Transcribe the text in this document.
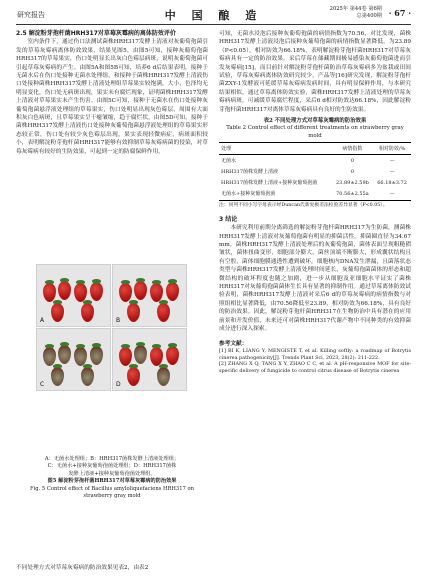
研究报告	中 国 酿 造	2025年 第44卷 第6期
总第400期 · 67 ·
2.5 解淀粉芽孢杆菌HRH317对草莓灰霉病的离体防效评价

室内条件下，通过伤口法测试菌株HRH317发酵上清液对灰葡萄孢菌引发的草莓灰霉病离体防效效果，结果见图5，由图5可知，接种灰葡萄孢菌HRH317的草莓果实，伤口处明显长出灰白色霉层病斑，说明灰葡萄孢菌可引起草莓灰霉病的产生。由图5A和图5B可知，培养6 d后结果表明，接种于无菌水后在伤口处接种无菌水处理组，和接种于菌株HRH317发酵上清液伤口处接种菌株HRH317发酵上清液处理组草莓果实较饱满，大小、色泽均无明显变化，伤口处无病斑出现，果实未有腐烂现象，证明菌株HRH317发酵上清液对草莓果实未产生伤害。由图5C可知，接种于无菌水在伤口处接种灰葡萄孢菌悬浮液处理组的草莓果实，伤口处明显出现灰色霉层，周围有大面积灰白色病斑，且草莓果实呈干瘪皱缩，趋于腐烂状，由图5D可知，接种于菌株HRH317发酵上清液伤口处接种灰葡萄孢菌悬浮液处理组的草莓果实形态较正常，伤口处有较少灰色霉层出现，果实表现轻微病症，病斑面积较小，表明解淀粉芽孢杆菌HRH317能够有效抑制草莓灰霉病菌的侵染，对草莓灰霉病有较好的生防效果，可起到一定的防腐保鲜作用。

A	B
C	D
A：无菌水处理组；B：HRH317菌株发酵上清液处理组；
C：无菌水+接种灰葡萄孢菌处理组；D：HRH317菌株
发酵上清液+接种灰葡萄孢菌处理组。
图5 解淀粉芽孢杆菌HRH317对草莓灰霉病的防治效果
Fig. 5 Control effect of Bacillus amyloliquefaciens HRH317 on strawberry gray mold
不同处理方式对草莓灰霉病的防治效果见表2，由表2

可知，无菌水浸泡后接种灰葡萄孢菌的病情指数为70.56，对比发现，菌株HRH317发酵上清液浸泡后接种灰葡萄孢菌的病情指数显著降低，为23.89（P<0.05），相对防效为66.18%，表明解淀粉芽孢杆菌HRH317对草莓灰霉病具有一定的防治效果。采后草莓在储藏期间极易感染灰葡萄孢菌进而引发灰霉病[15]，而目前针对解淀粉芽孢杆菌防治草莓灰霉病多为盆栽或田间试验，草莓灰霉病离体防效研究较少，产品等[16]研究发现，解淀粉芽孢杆菌ZXY-1发酵液可延缓草莓灰霉病发病时间，具有明显保鲜作用，与本研究结果相似，通过草莓离体防效实验，菌株HRH317发酵上清液处理的草莓灰霉病病斑，可减缓草莓腐烂程度，采后6 d相对防效达66.18%，因此解淀粉芽孢杆菌HRH317对离体草莓灰霉病具有良好的生防效果。

表2 不同处理方式对草莓灰霉病的防治效果
Table 2 Control effect of different treatments on strawberry gray mold
处理	病情指数	相对防效/%
无菌水	0	—
HRH317菌株发酵上清液	0	—
HRH317菌株发酵上清液+接种灰葡萄孢菌	23.89±2.59b	66.18±3.72
无菌水+接种灰葡萄孢菌	70.56±2.55a	—
注：同列不同小写字母表示经Duncan氏新复极差法检验差异显著（P<0.05）。
3 结论

本研究利用前期分离筛选的解淀粉芽孢杆菌HRH317为生防菌，测菌株HRH317发酵上清液对灰葡萄孢菌有明显的抑菌活性，抑菌圈直径为34.67 mm。菌株HRH317发酵上清液处理后的灰葡萄孢菌，菌体表面呈现粗糙褶皱状，菌体扭曲变形，细胞部分膨大，菌丝顶端不断膨大，形成囊状结构且有空腔，菌体细胞膜通透性遭到破坏，细胞核内DNA发生泄漏，且菌落状态类型与菌株HRH317发酵上清液处理时间延长，灰葡萄孢菌菌体的形态和超微结构的破坏程度也随之加剧，进一步从细胞及亚细胞水平证实了菌株HRH317对灰葡萄孢菌菌体生长具有显著的抑制作用。通过草莓离体防效试验表明，菌株HRH317发酵上清液对采后6 d的草莓灰霉病的病情指数与对照组相比显著降低，由70.56降低至23.89，相对防效为66.18%，具有良好的防治效果。因此，解淀粉芽孢杆菌HRH317在生物防治中具有潜在的应用前景和开发价值，未来还可对菌株HRH317代谢产物中不同种类的有效抑菌成分进行深入探索。

参考文献：

[1] BI K, LIANG Y, MENGISTE T, et al. Killing softly: a roadmap of Botrytis cinerea pathogenicity[J]. Trends Plant Sci, 2023, 28(2): 211-222.

[2] ZHANG X Q, TANG X Y, ZHAO C C, et al. A pH-responsive MOF for site-specific delivery of fungicide to control citrus disease of Botrytis cinerea
